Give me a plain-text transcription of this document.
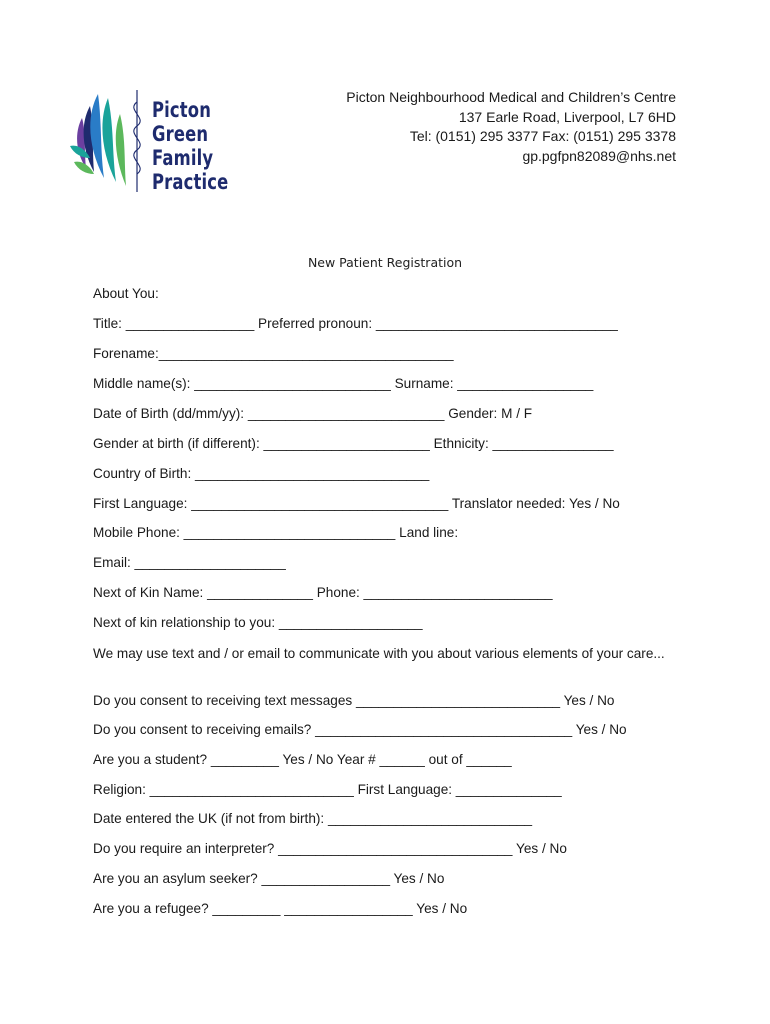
Picton
Green
Family
Practice
Picton Neighbourhood Medical and Children’s Centre
137 Earle Road, Liverpool, L7 6HD
Tel: (0151) 295 3377 Fax: (0151) 295 3378
gp.pgfpn82089@nhs.net
New Patient Registration
About You:
Title: _________________ Preferred pronoun: ________________________________
Forename:_______________________________________
Middle name(s): __________________________ Surname: __________________
Date of Birth (dd/mm/yy): __________________________ Gender: M / F
Gender at birth (if different): ______________________ Ethnicity: ________________
Country of Birth: _______________________________
First Language: __________________________________ Translator needed: Yes / No
Mobile Phone: ____________________________ Land line:
Email: ____________________
Next of Kin Name: ______________ Phone: _________________________
Next of kin relationship to you: ___________________
We may use text and / or email to communicate with you about various elements of your care...
Do you consent to receiving text messages ___________________________ Yes / No
Do you consent to receiving emails? __________________________________ Yes / No
Are you a student? _________ Yes / No Year # ______ out of ______
Religion: ___________________________ First Language: ______________
Date entered the UK (if not from birth): ___________________________
Do you require an interpreter? _______________________________ Yes / No
Are you an asylum seeker? _________________ Yes / No
Are you a refugee? _________ _________________ Yes / No
